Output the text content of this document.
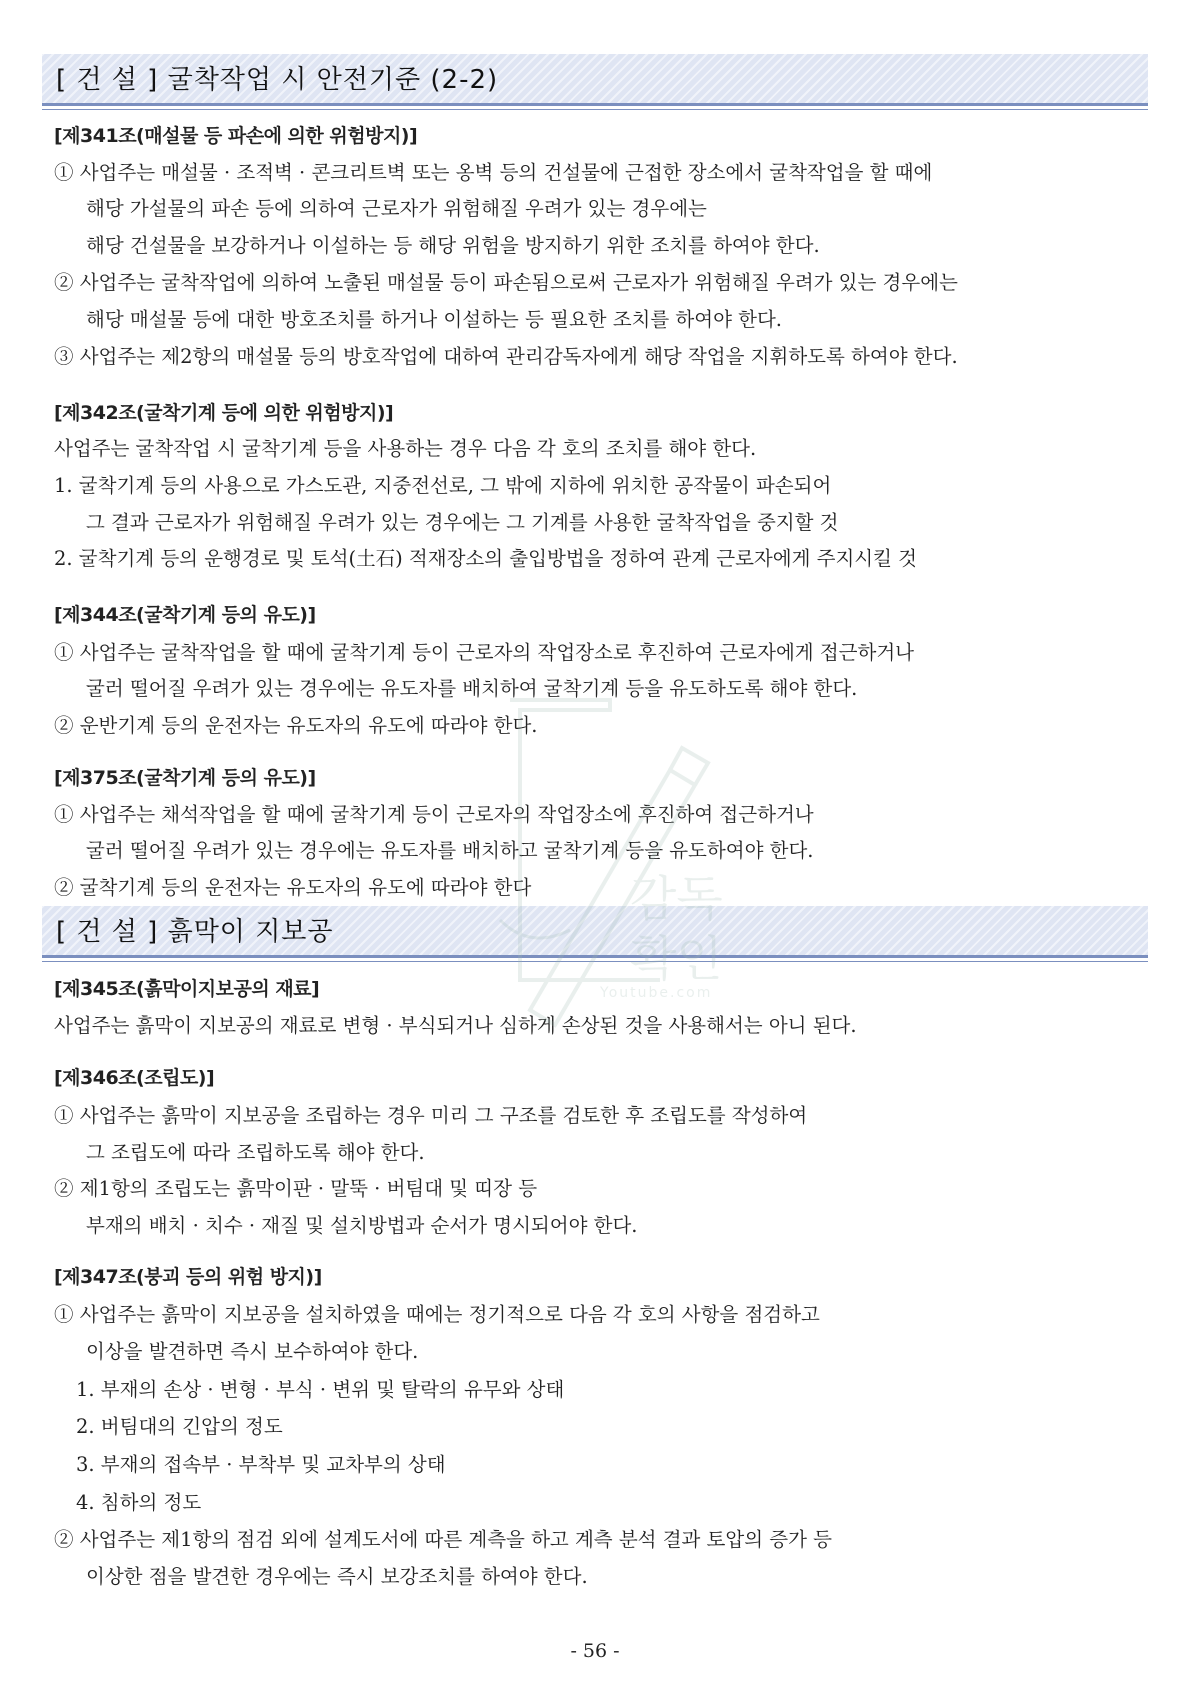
[ 건 설 ] 굴착작업 시 안전기준 (2-2)
[제341조(매설물 등 파손에 의한 위험방지)]
① 사업주는 매설물 · 조적벽 · 콘크리트벽 또는 옹벽 등의 건설물에 근접한 장소에서 굴착작업을 할 때에
해당 가설물의 파손 등에 의하여 근로자가 위험해질 우려가 있는 경우에는
해당 건설물을 보강하거나 이설하는 등 해당 위험을 방지하기 위한 조치를 하여야 한다.
② 사업주는 굴착작업에 의하여 노출된 매설물 등이 파손됨으로써 근로자가 위험해질 우려가 있는 경우에는
해당 매설물 등에 대한 방호조치를 하거나 이설하는 등 필요한 조치를 하여야 한다.
③ 사업주는 제2항의 매설물 등의 방호작업에 대하여 관리감독자에게 해당 작업을 지휘하도록 하여야 한다.
[제342조(굴착기계 등에 의한 위험방지)]
사업주는 굴착작업 시 굴착기계 등을 사용하는 경우 다음 각 호의 조치를 해야 한다.
1. 굴착기계 등의 사용으로 가스도관, 지중전선로, 그 밖에 지하에 위치한 공작물이 파손되어
그 결과 근로자가 위험해질 우려가 있는 경우에는 그 기계를 사용한 굴착작업을 중지할 것
2. 굴착기계 등의 운행경로 및 토석(土石) 적재장소의 출입방법을 정하여 관계 근로자에게 주지시킬 것
[제344조(굴착기계 등의 유도)]
① 사업주는 굴착작업을 할 때에 굴착기계 등이 근로자의 작업장소로 후진하여 근로자에게 접근하거나
굴러 떨어질 우려가 있는 경우에는 유도자를 배치하여 굴착기계 등을 유도하도록 해야 한다.
② 운반기계 등의 운전자는 유도자의 유도에 따라야 한다.
[제375조(굴착기계 등의 유도)]
① 사업주는 채석작업을 할 때에 굴착기계 등이 근로자의 작업장소에 후진하여 접근하거나
굴러 떨어질 우려가 있는 경우에는 유도자를 배치하고 굴착기계 등을 유도하여야 한다.
② 굴착기계 등의 운전자는 유도자의 유도에 따라야 한다
[ 건 설 ] 흙막이 지보공
[제345조(흙막이지보공의 재료]
사업주는 흙막이 지보공의 재료로 변형 · 부식되거나 심하게 손상된 것을 사용해서는 아니 된다.
[제346조(조립도)]
① 사업주는 흙막이 지보공을 조립하는 경우 미리 그 구조를 검토한 후 조립도를 작성하여
그 조립도에 따라 조립하도록 해야 한다.
② 제1항의 조립도는 흙막이판 · 말뚝 · 버팀대 및 띠장 등
부재의 배치 · 치수 · 재질 및 설치방법과 순서가 명시되어야 한다.
[제347조(붕괴 등의 위험 방지)]
① 사업주는 흙막이 지보공을 설치하였을 때에는 정기적으로 다음 각 호의 사항을 점검하고
이상을 발견하면 즉시 보수하여야 한다.
1. 부재의 손상 · 변형 · 부식 · 변위 및 탈락의 유무와 상태
2. 버팀대의 긴압의 정도
3. 부재의 접속부 · 부착부 및 교차부의 상태
4. 침하의 정도
② 사업주는 제1항의 점검 외에 설계도서에 따른 계측을 하고 계측 분석 결과 토압의 증가 등
이상한 점을 발견한 경우에는 즉시 보강조치를 하여야 한다.
감독
확인
Youtube.com
- 56 -
